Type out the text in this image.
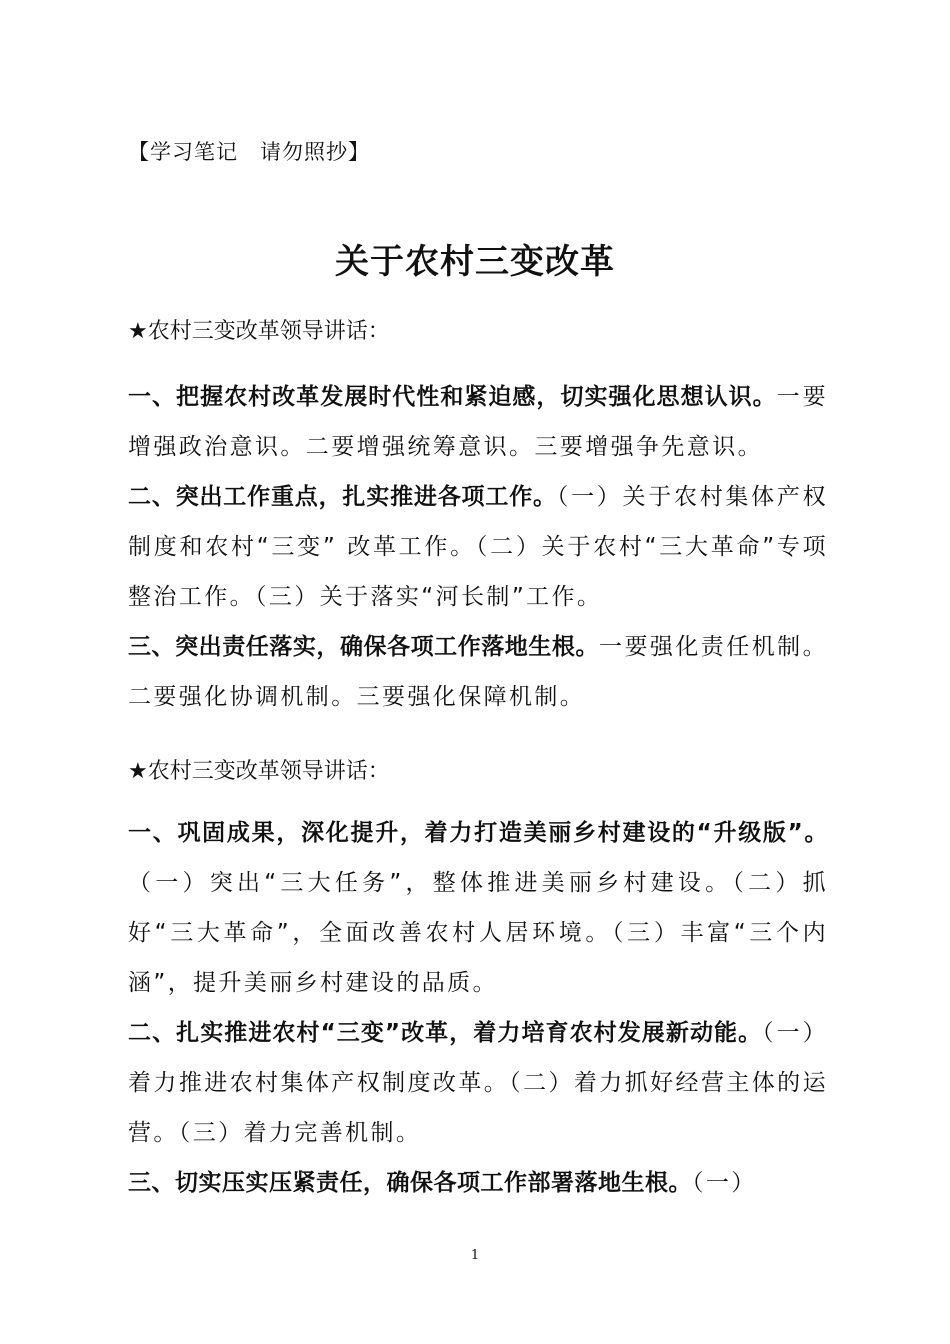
【学习笔记　请勿照抄】
关于农村三变改革
★农村三变改革领导讲话：
一、把握农村改革发展时代性和紧迫感，切实强化思想认识。一要增强政治意识。二要增强统筹意识。三要增强争先意识。
二、突出工作重点，扎实推进各项工作。（一）关于农村集体产权制度和农村“三变” 改革工作。（二）关于农村“三大革命”专项整治工作。（三）关于落实“河长制”工作。
三、突出责任落实，确保各项工作落地生根。一要强化责任机制。二要强化协调机制。三要强化保障机制。
★农村三变改革领导讲话：
一、巩固成果，深化提升，着力打造美丽乡村建设的“升级版”。（一）突出“三大任务”，整体推进美丽乡村建设。（二）抓好“三大革命”，全面改善农村人居环境。（三）丰富“三个内涵”，提升美丽乡村建设的品质。
二、扎实推进农村“三变”改革，着力培育农村发展新动能。（一）着力推进农村集体产权制度改革。（二）着力抓好经营主体的运营。（三）着力完善机制。
三、切实压实压紧责任，确保各项工作部署落地生根。（一）
1
